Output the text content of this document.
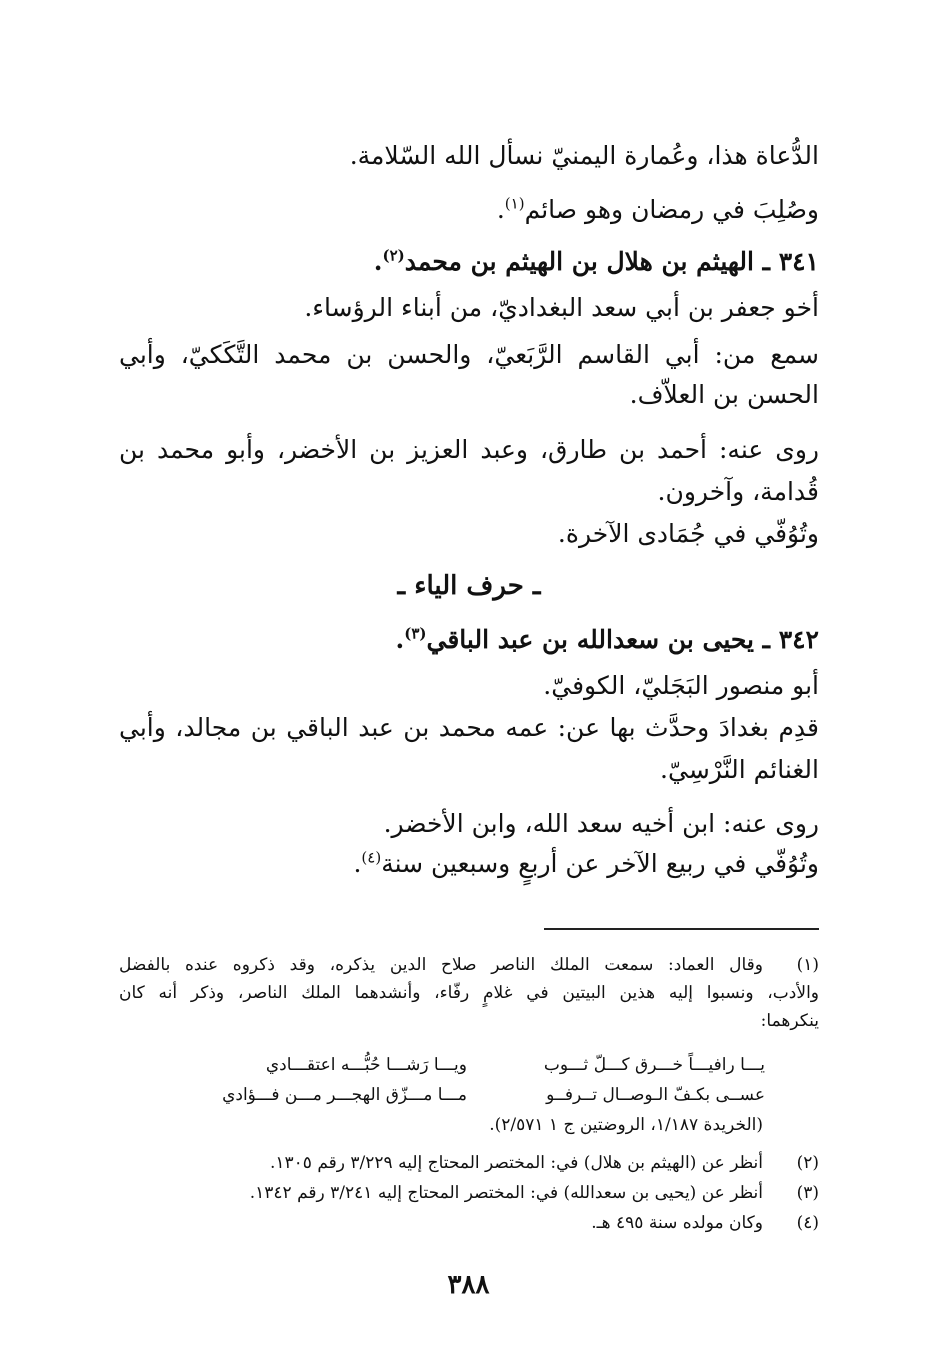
الدُّعاة هذا، وعُمارة اليمنيّ نسأل الله السّلامة.
وصُلِبَ في رمضان وهو صائم$^{(١)}$.
٣٤١ ـ الهيثم بن هلال بن الهيثم بن محمد$^{(٢)}$.
أخو جعفر بن أبي سعد البغداديّ، من أبناء الرؤساء.
سمع من: أبي القاسم الرَّبَعيّ، والحسن بن محمد التَّكَكيّ، وأبي
الحسن بن العلاّف.
روى عنه: أحمد بن طارق، وعبد العزيز بن الأخضر، وأبو محمد بن
قُدامة، وآخرون.
وتُوُفّي في جُمَادى الآخرة.
ـ حرف الياء ـ
٣٤٢ ـ يحيى بن سعدالله بن عبد الباقي$^{(٣)}$.
أبو منصور البَجَليّ، الكوفيّ.
قدِم بغدادَ وحدَّث بها عن: عمه محمد بن عبد الباقي بن مجالد، وأبي
الغنائم النَّرْسِيّ.
روى عنه: ابن أخيه سعد الله، وابن الأخضر.
وتُوُفّي في ربيع الآخر عن أربعٍ وسبعين سنة$^{(٤)}$.
(١)
وقال العماد: سمعت الملك الناصر صلاح الدين يذكره، وقد ذكروه عنده بالفضل
والأدب، ونسبوا إليه هذين البيتين في غلامٍ رفّاء، وأنشدهما الملك الناصر، وذكر أنه كان
ينكرهما:
يـــا رافيـــاً خـــرق كـــلّ ثـــوب
ويـــا رَشـــا حُبُّـــه اعتقـــادي
عســى بكـفّ الـوصــال تــرفــو
مـــا مـــزّق الهجـــر مـــن فـــؤادي
(الخريدة ١/١٨٧، الروضتين ج ١ ٢/٥٧١).
(٢)أنظر عن (الهيثم بن هلال) في: المختصر المحتاج إليه ٣/٢٢٩ رقم ١٣٠٥.
(٣)أنظر عن (يحيى بن سعدالله) في: المختصر المحتاج إليه ٣/٢٤١ رقم ١٣٤٢.
(٤)وكان مولده سنة ٤٩٥ هـ.
٣٨٨
